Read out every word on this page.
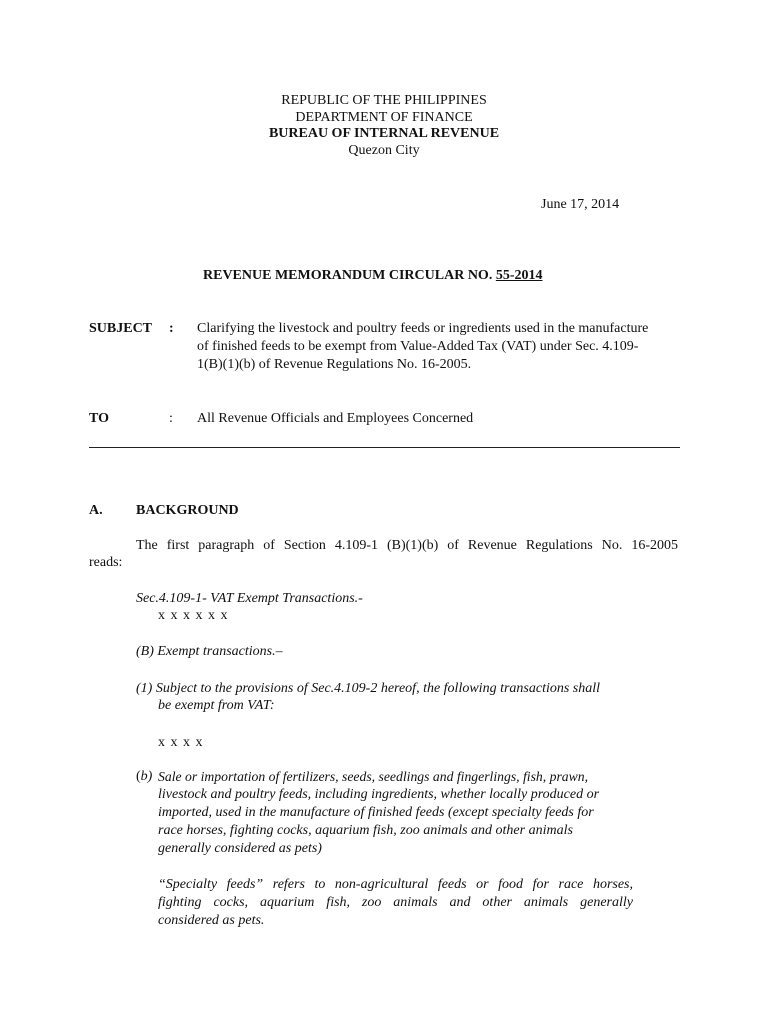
REPUBLIC OF THE PHILIPPINES
DEPARTMENT OF FINANCE
BUREAU OF INTERNAL REVENUE
Quezon City
June 17, 2014
REVENUE MEMORANDUM CIRCULAR NO. 55-2014
SUBJECT : Clarifying the livestock and poultry feeds or ingredients used in the manufacture
of finished feeds to be exempt from Value-Added Tax (VAT) under Sec. 4.109-
1(B)(1)(b) of Revenue Regulations No. 16-2005.
TO	: All Revenue Officials and Employees Concerned
A. BACKGROUND
The first paragraph of Section 4.109-1 (B)(1)(b) of Revenue Regulations No. 16-2005
reads:
Sec.4.109-1- VAT Exempt Transactions.-
x x x x x x
(B) Exempt transactions.–
(1) Subject to the provisions of Sec.4.109-2 hereof, the following transactions shall
be exempt from VAT:
x x x x
(b) Sale or importation of fertilizers, seeds, seedlings and fingerlings, fish, prawn,
livestock and poultry feeds, including ingredients, whether locally produced or
imported, used in the manufacture of finished feeds (except specialty feeds for
race horses, fighting cocks, aquarium fish, zoo animals and other animals
generally considered as pets)
“Specialty feeds” refers to non-agricultural feeds or food for race horses,
fighting cocks, aquarium fish, zoo animals and other animals generally
considered as pets.
